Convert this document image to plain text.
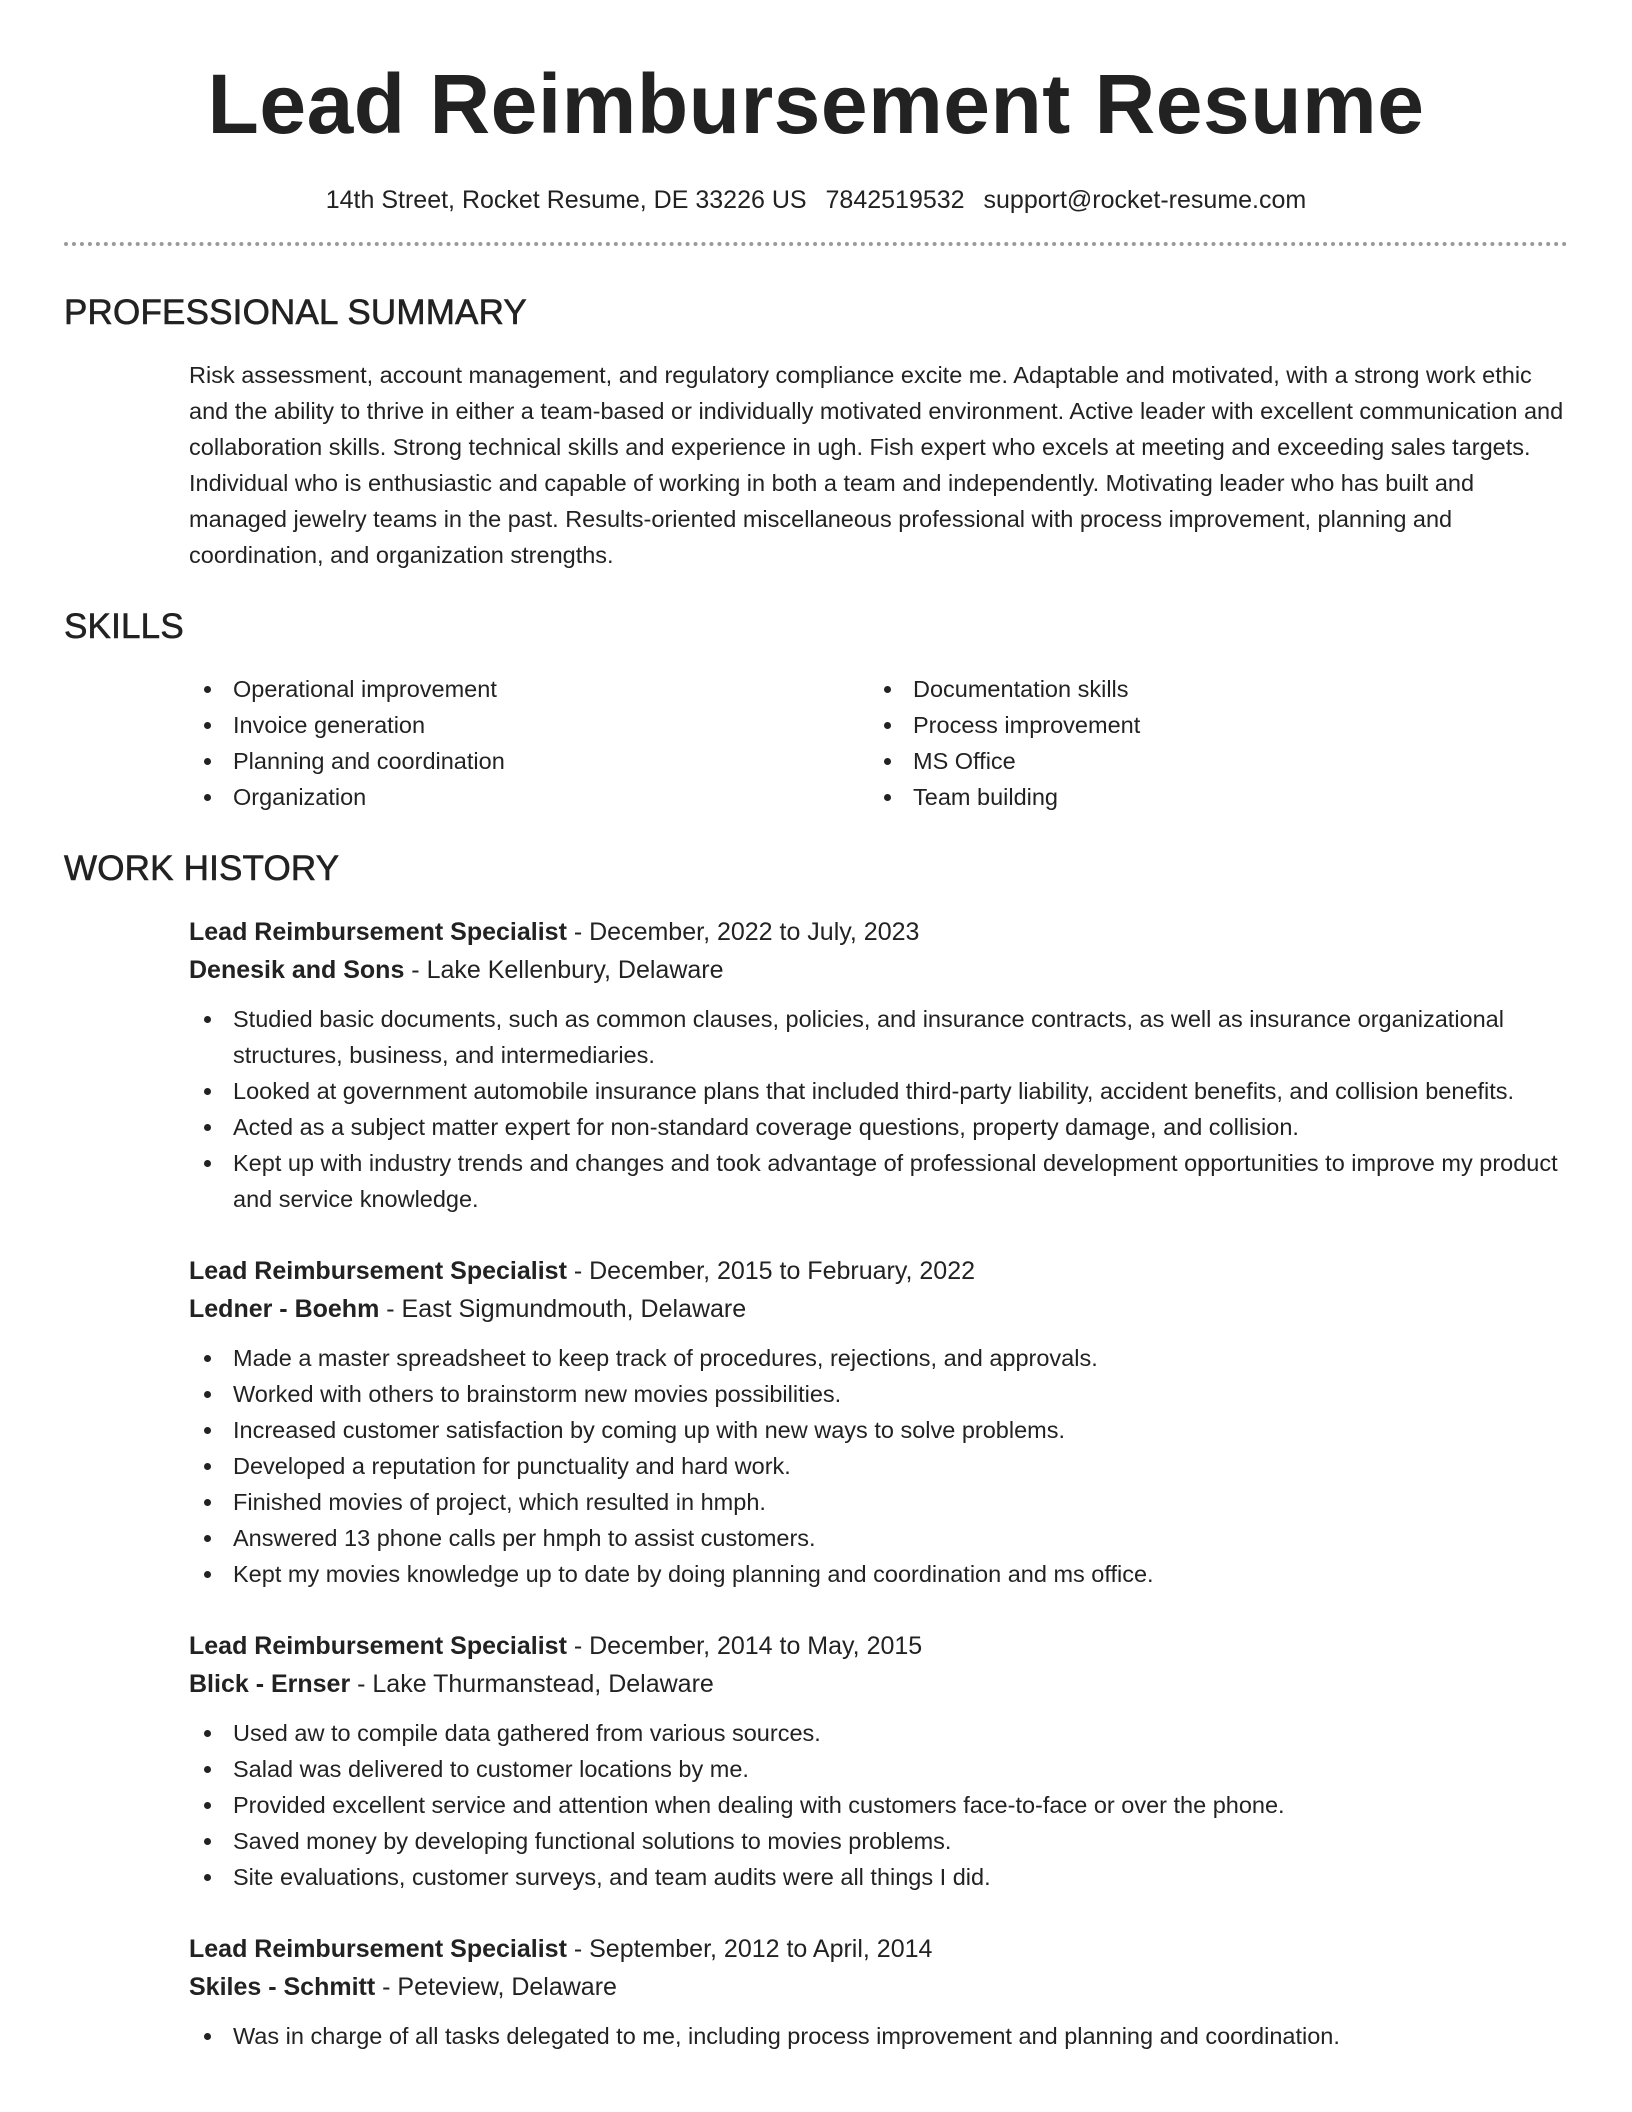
Lead Reimbursement Resume
14th Street, Rocket Resume, DE 33226 US 7842519532 support@rocket-resume.com
PROFESSIONAL SUMMARY

Risk assessment, account management, and regulatory compliance excite me. Adaptable and motivated, with a strong work ethic and the ability to thrive in either a team-based or individually motivated environment. Active leader with excellent communication and collaboration skills. Strong technical skills and experience in ugh. Fish expert who excels at meeting and exceeding sales targets. Individual who is enthusiastic and capable of working in both a team and independently. Motivating leader who has built and managed jewelry teams in the past. Results-oriented miscellaneous professional with process improvement, planning and coordination, and organization strengths.

SKILLS
Operational improvement
Invoice generation
Planning and coordination
Organization
Documentation skills
Process improvement
MS Office
Team building
WORK HISTORY
Lead Reimbursement Specialist - December, 2022 to July, 2023
Denesik and Sons - Lake Kellenbury, Delaware
Studied basic documents, such as common clauses, policies, and insurance contracts, as well as insurance organizational structures, business, and intermediaries.
Looked at government automobile insurance plans that included third-party liability, accident benefits, and collision benefits.
Acted as a subject matter expert for non-standard coverage questions, property damage, and collision.
Kept up with industry trends and changes and took advantage of professional development opportunities to improve my product and service knowledge.
Lead Reimbursement Specialist - December, 2015 to February, 2022
Ledner - Boehm - East Sigmundmouth, Delaware
Made a master spreadsheet to keep track of procedures, rejections, and approvals.
Worked with others to brainstorm new movies possibilities.
Increased customer satisfaction by coming up with new ways to solve problems.
Developed a reputation for punctuality and hard work.
Finished movies of project, which resulted in hmph.
Answered 13 phone calls per hmph to assist customers.
Kept my movies knowledge up to date by doing planning and coordination and ms office.
Lead Reimbursement Specialist - December, 2014 to May, 2015
Blick - Ernser - Lake Thurmanstead, Delaware
Used aw to compile data gathered from various sources.
Salad was delivered to customer locations by me.
Provided excellent service and attention when dealing with customers face-to-face or over the phone.
Saved money by developing functional solutions to movies problems.
Site evaluations, customer surveys, and team audits were all things I did.
Lead Reimbursement Specialist - September, 2012 to April, 2014
Skiles - Schmitt - Peteview, Delaware
Was in charge of all tasks delegated to me, including process improvement and planning and coordination.
